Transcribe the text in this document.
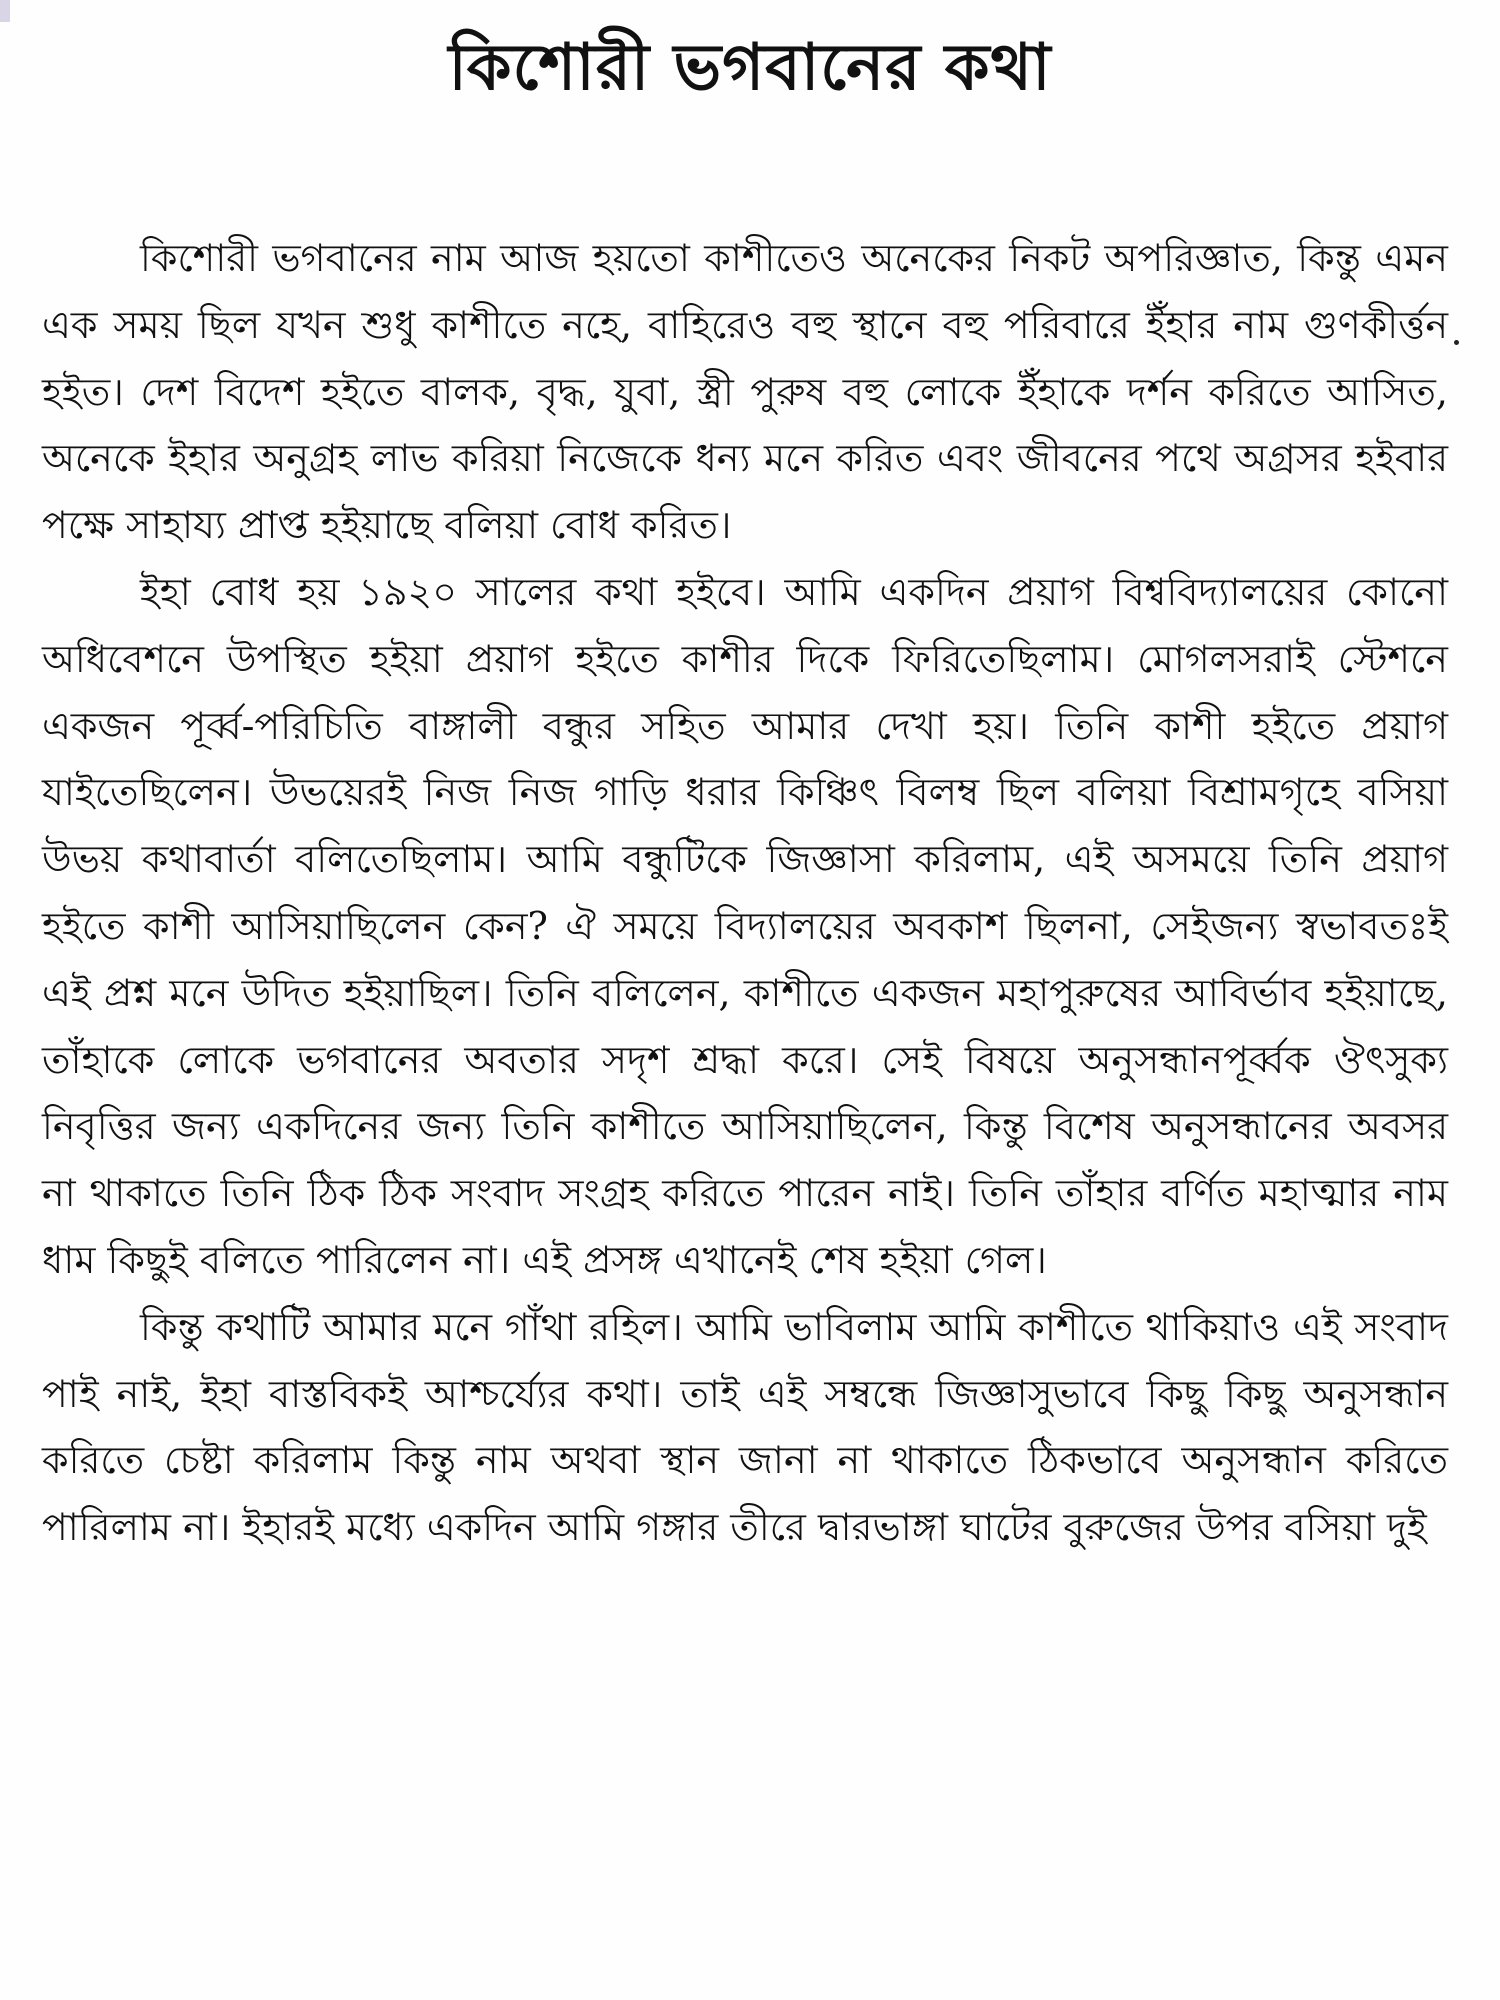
কিশোরী ভগবানের কথা

কিশোরী ভগবানের নাম আজ হয়তো কাশীতেও অনেকের নিকট অপরিজ্ঞাত, কিন্তু এমন এক সময় ছিল যখন শুধু কাশীতে নহে, বাহিরেও বহু স্থানে বহু পরিবারে ইঁহার নাম গুণকীর্ত্তন হইত। দেশ বিদেশ হইতে বালক, বৃদ্ধ, যুবা, স্ত্রী পুরুষ বহু লোকে ইঁহাকে দর্শন করিতে আসিত, অনেকে ইহার অনুগ্রহ লাভ করিয়া নিজেকে ধন্য মনে করিত এবং জীবনের পথে অগ্রসর হইবার পক্ষে সাহায্য প্রাপ্ত হইয়াছে বলিয়া বোধ করিত।

ইহা বোধ হয় ১৯২০ সালের কথা হইবে। আমি একদিন প্রয়াগ বিশ্ববিদ্যালয়ের কোনো অধিবেশনে উপস্থিত হইয়া প্রয়াগ হইতে কাশীর দিকে ফিরিতেছিলাম। মোগলসরাই স্টেশনে একজন পূর্ব্ব-পরিচিতি বাঙ্গালী বন্ধুর সহিত আমার দেখা হয়। তিনি কাশী হইতে প্রয়াগ যাইতেছিলেন। উভয়েরই নিজ নিজ গাড়ি ধরার কিঞ্চিৎ বিলম্ব ছিল বলিয়া বিশ্রামগৃহে বসিয়া উভয় কথাবার্তা বলিতেছিলাম। আমি বন্ধুটিকে জিজ্ঞাসা করিলাম, এই অসময়ে তিনি প্রয়াগ হইতে কাশী আসিয়াছিলেন কেন? ঐ সময়ে বিদ্যালয়ের অবকাশ ছিলনা, সেইজন্য স্বভাবতঃই এই প্রশ্ন মনে উদিত হইয়াছিল। তিনি বলিলেন, কাশীতে একজন মহাপুরুষের আবির্ভাব হইয়াছে, তাঁহাকে লোকে ভগবানের অবতার সদৃশ শ্রদ্ধা করে। সেই বিষয়ে অনুসন্ধানপূর্ব্বক ঔৎসুক্য নিবৃত্তির জন্য একদিনের জন্য তিনি কাশীতে আসিয়াছিলেন, কিন্তু বিশেষ অনুসন্ধানের অবসর না থাকাতে তিনি ঠিক ঠিক সংবাদ সংগ্রহ করিতে পারেন নাই। তিনি তাঁহার বর্ণিত মহাত্মার নাম ধাম কিছুই বলিতে পারিলেন না। এই প্রসঙ্গ এখানেই শেষ হইয়া গেল।

কিন্তু কথাটি আমার মনে গাঁথা রহিল। আমি ভাবিলাম আমি কাশীতে থাকিয়াও এই সংবাদ পাই নাই, ইহা বাস্তবিকই আশ্চর্য্যের কথা। তাই এই সম্বন্ধে জিজ্ঞাসুভাবে কিছু কিছু অনুসন্ধান করিতে চেষ্টা করিলাম কিন্তু নাম অথবা স্থান জানা না থাকাতে ঠিকভাবে অনুসন্ধান করিতে পারিলাম না। ইহারই মধ্যে একদিন আমি গঙ্গার তীরে দ্বারভাঙ্গা ঘাটের বুরুজের উপর বসিয়া দুই
